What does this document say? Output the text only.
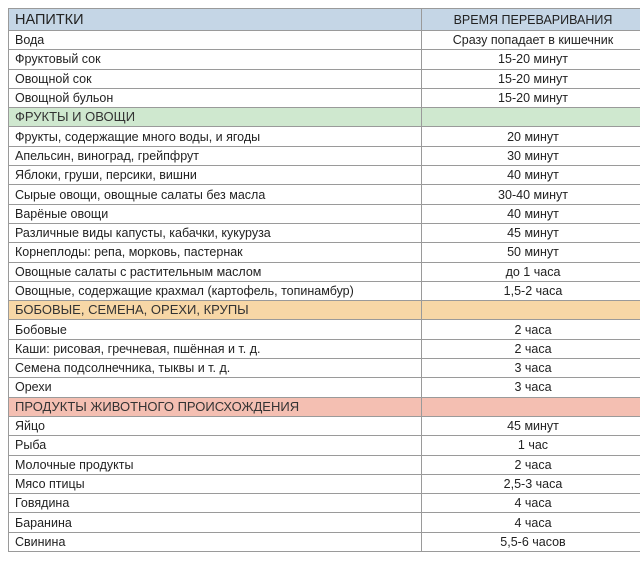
НАПИТКИ	ВРЕМЯ ПЕРЕВАРИВАНИЯ
Вода	Сразу попадает в кишечник
Фруктовый сок	15-20 минут
Овощной сок	15-20 минут
Овощной бульон	15-20 минут
ФРУКТЫ И ОВОЩИ	
Фрукты, содержащие много воды, и ягоды	20 минут
Апельсин, виноград, грейпфрут	30 минут
Яблоки, груши, персики, вишни	40 минут
Сырые овощи, овощные салаты без масла	30-40 минут
Варёные овощи	40 минут
Различные виды капусты, кабачки, кукуруза	45 минут
Корнеплоды: репа, морковь, пастернак	50 минут
Овощные салаты с растительным маслом	до 1 часа
Овощные, содержащие крахмал (картофель, топинамбур)	1,5-2 часа
БОБОВЫЕ, СЕМЕНА, ОРЕХИ, КРУПЫ	
Бобовые	2 часа
Каши: рисовая, гречневая, пшённая и т. д.	2 часа
Семена подсолнечника, тыквы и т. д.	3 часа
Орехи	3 часа
ПРОДУКТЫ ЖИВОТНОГО ПРОИСХОЖДЕНИЯ	
Яйцо	45 минут
Рыба	1 час
Молочные продукты	2 часа
Мясо птицы	2,5-3 часа
Говядина	4 часа
Баранина	4 часа
Свинина	5,5-6 часов
